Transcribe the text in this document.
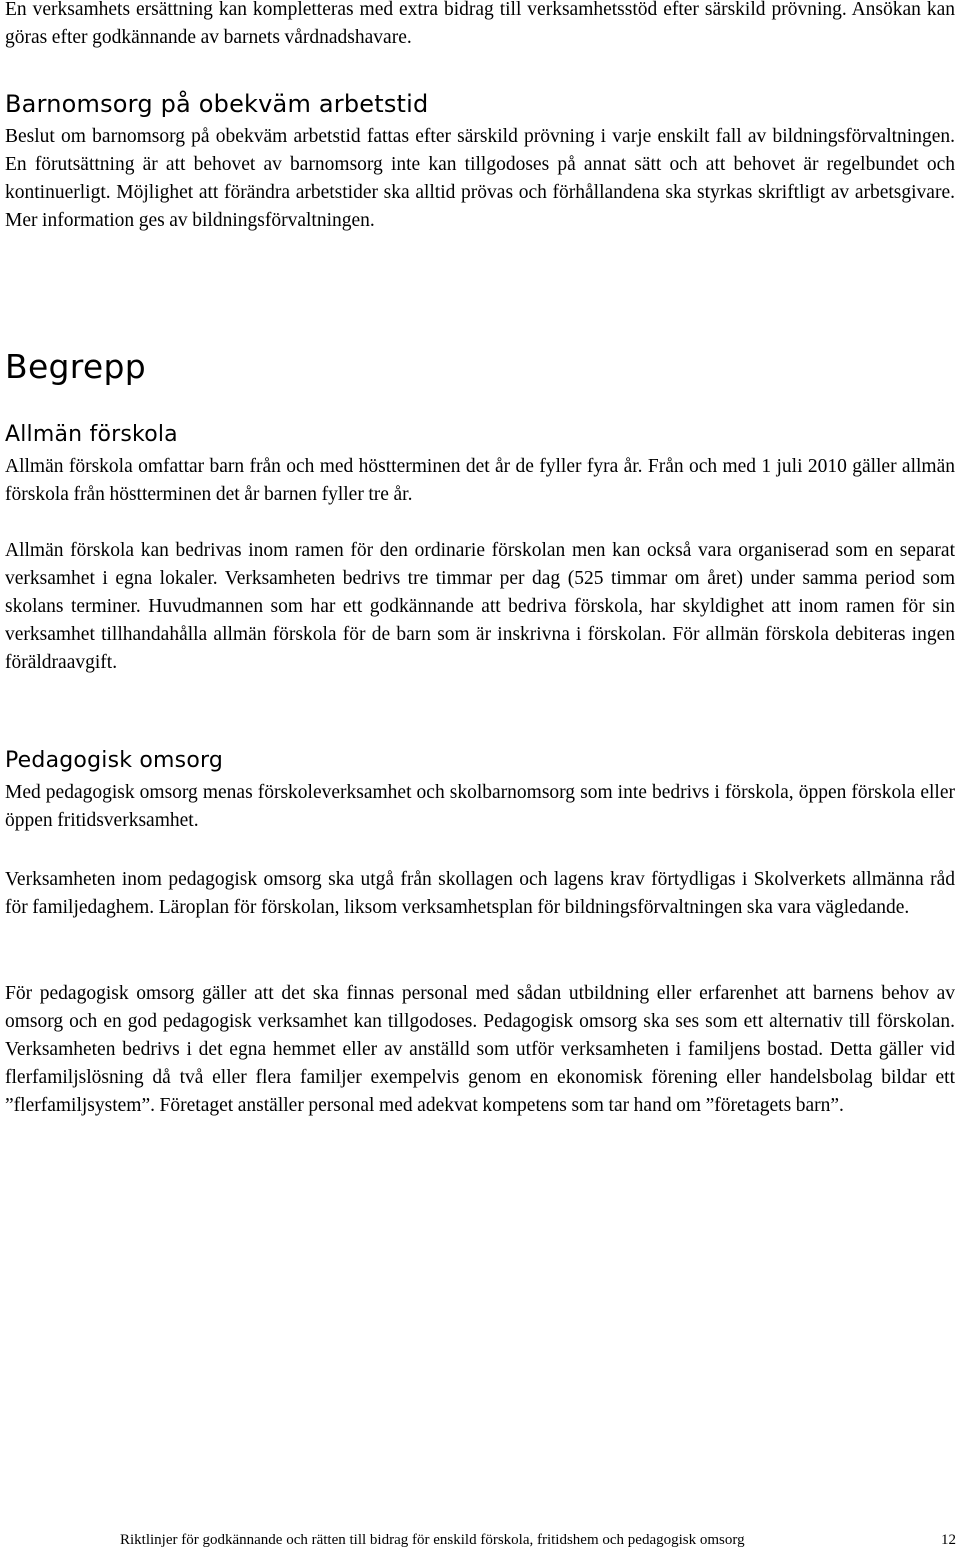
En verksamhets ersättning kan kompletteras med extra bidrag till verksamhetsstöd efter särskild prövning. Ansökan kan göras efter godkännande av barnets vårdnadshavare.

Barnomsorg på obekväm arbetstid

Beslut om barnomsorg på obekväm arbetstid fattas efter särskild prövning i varje enskilt fall av bildningsförvaltningen. En förutsättning är att behovet av barnomsorg inte kan tillgodoses på annat sätt och att behovet är regelbundet och kontinuerligt. Möjlighet att förändra arbetstider ska alltid prövas och förhållandena ska styrkas skriftligt av arbetsgivare. Mer information ges av bildningsförvaltningen.

Begrepp
Allmän förskola

Allmän förskola omfattar barn från och med höstterminen det år de fyller fyra år. Från och med 1 juli 2010 gäller allmän förskola från höstterminen det år barnen fyller tre år.

Allmän förskola kan bedrivas inom ramen för den ordinarie förskolan men kan också vara organiserad som en separat verksamhet i egna lokaler. Verksamheten bedrivs tre timmar per dag (525 timmar om året) under samma period som skolans terminer. Huvudmannen som har ett godkännande att bedriva förskola, har skyldighet att inom ramen för sin verksamhet tillhandahålla allmän förskola för de barn som är inskrivna i förskolan. För allmän förskola debiteras ingen föräldraavgift.

Pedagogisk omsorg

Med pedagogisk omsorg menas förskoleverksamhet och skolbarnomsorg som inte bedrivs i förskola, öppen förskola eller öppen fritidsverksamhet.

Verksamheten inom pedagogisk omsorg ska utgå från skollagen och lagens krav förtydligas i Skolverkets allmänna råd för familjedaghem. Läroplan för förskolan, liksom verksamhetsplan för bildningsförvaltningen ska vara vägledande.

För pedagogisk omsorg gäller att det ska finnas personal med sådan utbildning eller erfarenhet att barnens behov av omsorg och en god pedagogisk verksamhet kan tillgodoses. Pedagogisk omsorg ska ses som ett alternativ till förskolan. Verksamheten bedrivs i det egna hemmet eller av anställd som utför verksamheten i familjens bostad. Detta gäller vid flerfamiljslösning då två eller flera familjer exempelvis genom en ekonomisk förening eller handelsbolag bildar ett ”flerfamiljsystem”. Företaget anställer personal med adekvat kompetens som tar hand om ”företagets barn”.

Riktlinjer för godkännande och rätten till bidrag för enskild förskola, fritidshem och pedagogisk omsorg	12
